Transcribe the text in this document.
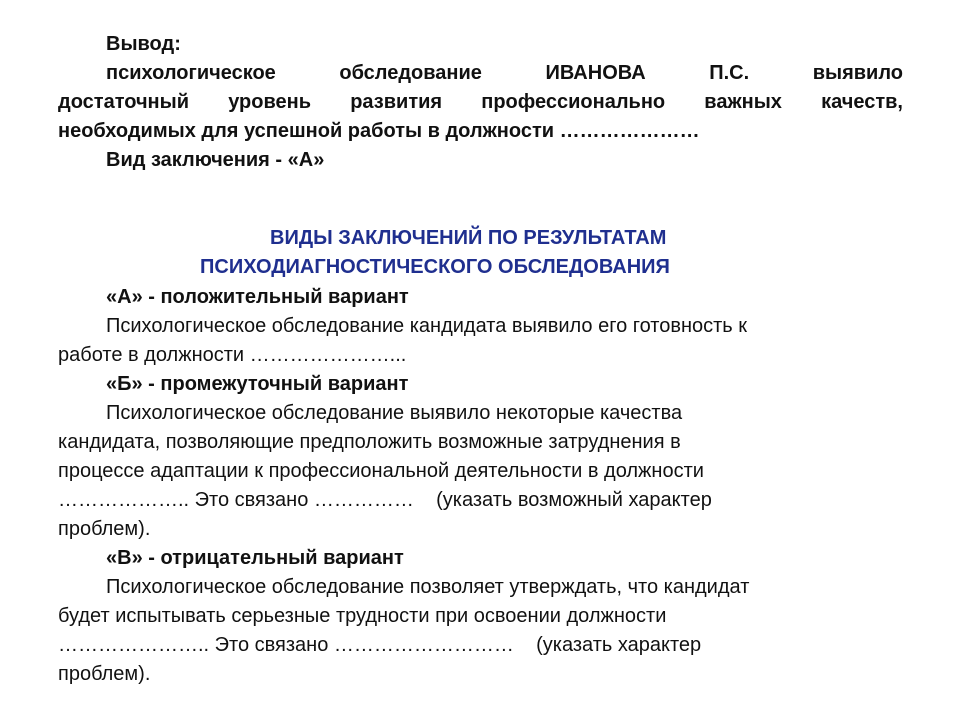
Вывод:
психологическое обследование ИВАНОВА П.С. выявило
достаточный уровень развития профессионально важных качеств,
необходимых для успешной работы в должности …………………
Вид заключения - «А»
ВИДЫ ЗАКЛЮЧЕНИЙ ПО РЕЗУЛЬТАТАМ
ПСИХОДИАГНОСТИЧЕСКОГО ОБСЛЕДОВАНИЯ
«А» - положительный вариант
Психологическое обследование кандидата выявило его готовность к
работе в должности …………………...
«Б» - промежуточный вариант
Психологическое обследование выявило некоторые качества
кандидата, позволяющие предположить возможные затруднения в
процессе адаптации к профессиональной деятельности в должности
……………….. Это связано ……………    (указать возможный характер
проблем).
«В» - отрицательный вариант
Психологическое обследование позволяет утверждать, что кандидат
будет испытывать серьезные трудности при освоении должности
………………….. Это связано ………………………    (указать характер
проблем).
